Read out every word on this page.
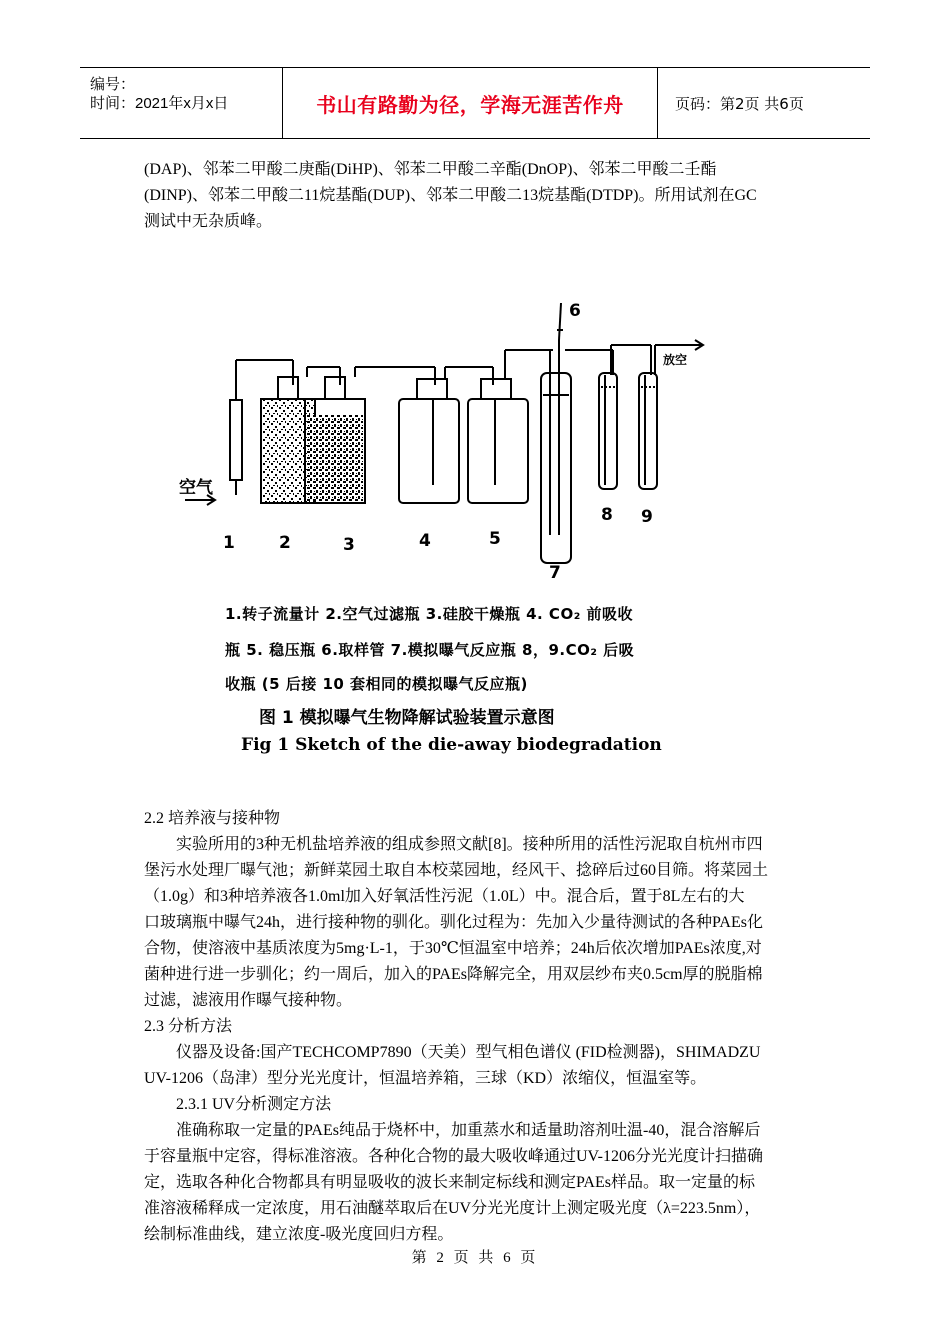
编号：
时间：2021年x月x日	书山有路勤为径，学海无涯苦作舟	页码：第2页 共6页
(DAP)、邻苯二甲酸二庚酯(DiHP)、邻苯二甲酸二辛酯(DnOP)、邻苯二甲酸二壬酯
(DINP)、邻苯二甲酸二11烷基酯(DUP)、邻苯二甲酸二13烷基酯(DTDP)。所用试剂在GC
测试中无杂质峰。
空气
放空
1	2	3	4	5
6
7
8 9
1.转子流量计 2.空气过滤瓶 3.硅胶干燥瓶 4. CO₂ 前吸收
瓶 5. 稳压瓶 6.取样管 7.模拟曝气反应瓶 8，9.CO₂ 后吸
收瓶 (5 后接 10 套相同的模拟曝气反应瓶)
图 1 模拟曝气生物降解试验装置示意图
Fig 1 Sketch of the die-away biodegradation
2.2 培养液与接种物
实验所用的3种无机盐培养液的组成参照文献[8]。接种所用的活性污泥取自杭州市四
堡污水处理厂曝气池；新鲜菜园土取自本校菜园地，经风干、捻碎后过60目筛。将菜园土
（1.0g）和3种培养液各1.0ml加入好氧活性污泥（1.0L）中。混合后，置于8L左右的大
口玻璃瓶中曝气24h，进行接种物的驯化。驯化过程为：先加入少量待测试的各种PAEs化
合物，使溶液中基质浓度为5mg·L-1，于30℃恒温室中培养；24h后依次增加PAEs浓度,对
菌种进行进一步驯化；约一周后，加入的PAEs降解完全，用双层纱布夹0.5cm厚的脱脂棉
过滤，滤液用作曝气接种物。
2.3 分析方法
仪器及设备:国产TECHCOMP7890（天美）型气相色谱仪 (FID检测器)，SHIMADZU
UV-1206（岛津）型分光光度计，恒温培养箱，三球（KD）浓缩仪，恒温室等。
2.3.1 UV分析测定方法
准确称取一定量的PAEs纯品于烧杯中，加重蒸水和适量助溶剂吐温-40，混合溶解后
于容量瓶中定容，得标准溶液。各种化合物的最大吸收峰通过UV-1206分光光度计扫描确
定，选取各种化合物都具有明显吸收的波长来制定标线和测定PAEs样品。取一定量的标
准溶液稀释成一定浓度，用石油醚萃取后在UV分光光度计上测定吸光度（λ=223.5nm），
绘制标准曲线，建立浓度-吸光度回归方程。
第 2 页 共 6 页
